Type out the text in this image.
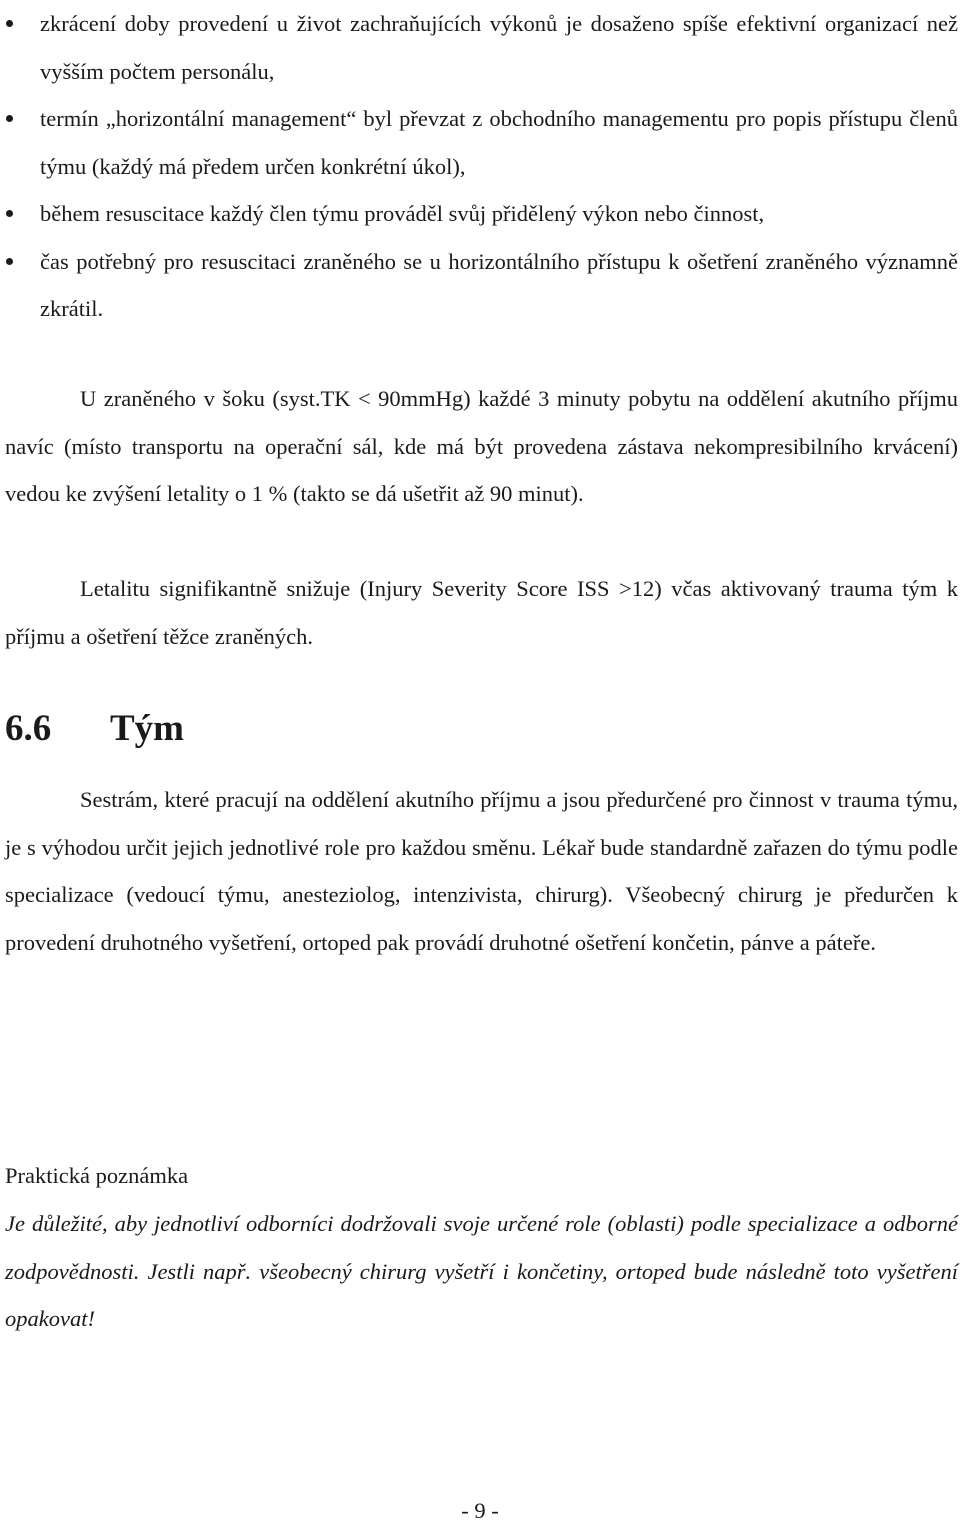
zkrácení doby provedení u život zachraňujících výkonů je dosaženo spíše efektivní organizací než vyšším počtem personálu,
termín „horizontální management“ byl převzat z obchodního managementu pro popis přístupu členů týmu (každý má předem určen konkrétní úkol),
během resuscitace každý člen týmu prováděl svůj přidělený výkon nebo činnost,
čas potřebný pro resuscitaci zraněného se u horizontálního přístupu k ošetření zraněného významně zkrátil.

U zraněného v šoku (syst.TK < 90mmHg) každé 3 minuty pobytu na oddělení akutního příjmu navíc (místo transportu na operační sál, kde má být provedena zástava nekompresibilního krvácení) vedou ke zvýšení letality o 1 % (takto se dá ušetřit až 90 minut).

Letalitu signifikantně snižuje (Injury Severity Score ISS >12) včas aktivovaný trauma tým k příjmu a ošetření těžce zraněných.

6.6 Tým

Sestrám, které pracují na oddělení akutního příjmu a jsou předurčené pro činnost v trauma týmu, je s výhodou určit jejich jednotlivé role pro každou směnu. Lékař bude standardně zařazen do týmu podle specializace (vedoucí týmu, anesteziolog, intenzivista, chirurg). Všeobecný chirurg je předurčen k provedení druhotného vyšetření, ortoped pak provádí druhotné ošetření končetin, pánve a páteře.

Praktická poznámka

Je důležité, aby jednotliví odborníci dodržovali svoje určené role (oblasti) podle specializace a odborné zodpovědnosti. Jestli např. všeobecný chirurg vyšetří i končetiny, ortoped bude následně toto vyšetření opakovat!

- 9 -
